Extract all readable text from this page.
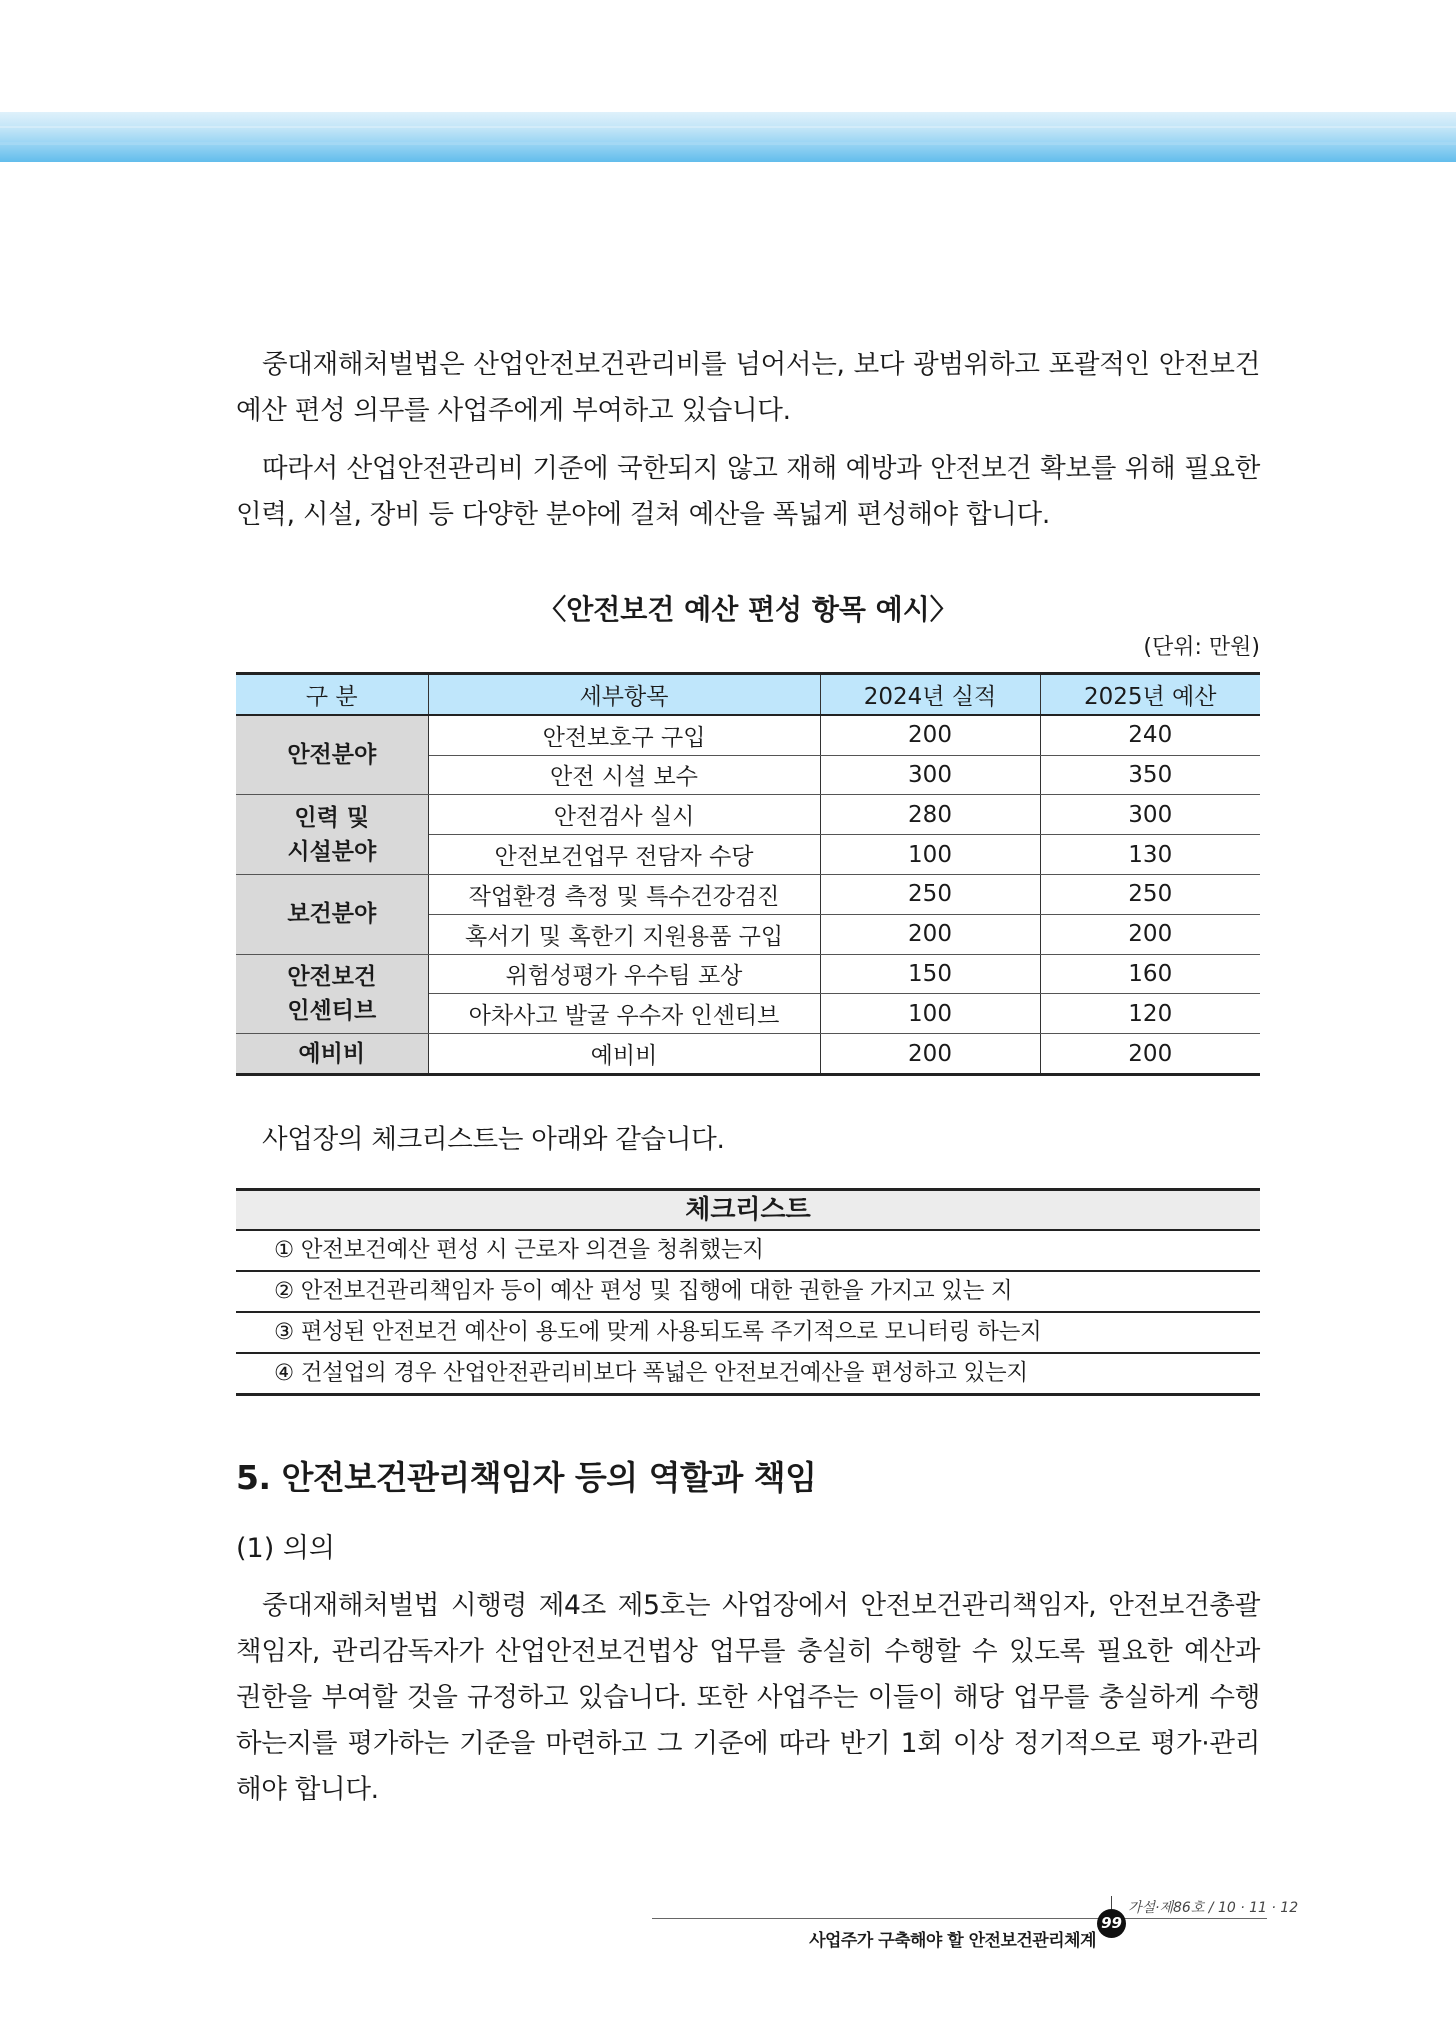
중대재해처벌법은 산업안전보건관리비를 넘어서는, 보다 광범위하고 포괄적인 안전보건 예산 편성 의무를 사업주에게 부여하고 있습니다.

따라서 산업안전관리비 기준에 국한되지 않고 재해 예방과 안전보건 확보를 위해 필요한 인력, 시설, 장비 등 다양한 분야에 걸쳐 예산을 폭넓게 편성해야 합니다.

〈안전보건 예산 편성 항목 예시〉
(단위: 만원)
구 분	세부항목	2024년 실적	2025년 예산
안전분야	안전보호구 구입	200	240
	안전 시설 보수	300	350
인력 및
시설분야	안전검사 실시	280	300
	안전보건업무 전담자 수당	100	130
보건분야	작업환경 측정 및 특수건강검진	250	250
	혹서기 및 혹한기 지원용품 구입	200	200
안전보건
인센티브	위험성평가 우수팀 포상	150	160
	아차사고 발굴 우수자 인센티브	100	120
예비비	예비비	200	200

사업장의 체크리스트는 아래와 같습니다.

체크리스트
① 안전보건예산 편성 시 근로자 의견을 청취했는지
② 안전보건관리책임자 등이 예산 편성 및 집행에 대한 권한을 가지고 있는 지
③ 편성된 안전보건 예산이 용도에 맞게 사용되도록 주기적으로 모니터링 하는지
④ 건설업의 경우 산업안전관리비보다 폭넓은 안전보건예산을 편성하고 있는지
5. 안전보건관리책임자 등의 역할과 책임
(1) 의의

중대재해처벌법 시행령 제4조 제5호는 사업장에서 안전보건관리책임자, 안전보건총괄책임자, 관리감독자가 산업안전보건법상 업무를 충실히 수행할 수 있도록 필요한 예산과 권한을 부여할 것을 규정하고 있습니다. 또한 사업주는 이들이 해당 업무를 충실하게 수행하는지를 평가하는 기준을 마련하고 그 기준에 따라 반기 1회 이상 정기적으로 평가·관리해야 합니다.

99
가설·제86호 / 10 · 11 · 12
사업주가 구축해야 할 안전보건관리체계
